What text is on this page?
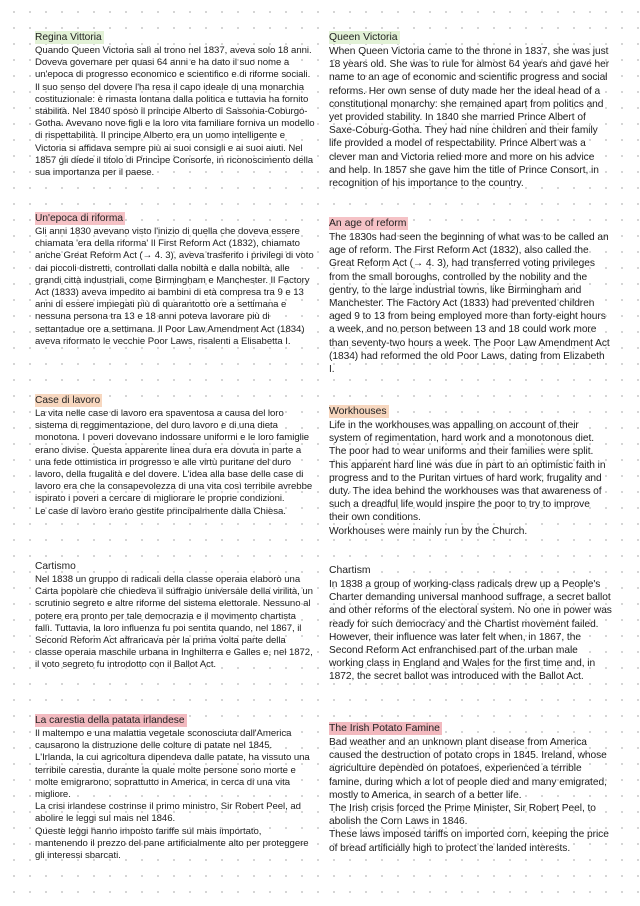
Regina Vittoria

Quando Queen Victoria salì al trono nel 1837, aveva solo 18 anni. Doveva governare per quasi 64 anni e ha dato il suo nome a un'epoca di progresso economico e scientifico e di riforme sociali. Il suo senso del dovere l'ha resa il capo ideale di una monarchia costituzionale: è rimasta lontana dalla politica e tuttavia ha fornito stabilità. Nel 1840 sposò il principe Alberto di Sassonia-Coburgo-Gotha. Avevano nove figli e la loro vita familiare forniva un modello di rispettabilità. Il principe Alberto era un uomo intelligente e Victoria si affidava sempre più ai suoi consigli e ai suoi aiuti. Nel 1857 gli diede il titolo di Principe Consorte, in riconoscimento della sua importanza per il paese.

Un'epoca di riforma

Gli anni 1830 avevano visto l'inizio di quella che doveva essere chiamata 'era della riforma' Il First Reform Act (1832), chiamato anche Great Reform Act (→ 4. 3), aveva trasferito i privilegi di voto dai piccoli distretti, controllati dalla nobiltà e dalla nobiltà, alle grandi città industriali, come Birmingham e Manchester. Il Factory Act (1833) aveva impedito ai bambini di età compresa tra 9 e 13 anni di essere impiegati più di quarantotto ore a settimana e nessuna persona tra 13 e 18 anni poteva lavorare più di settantadue ore a settimana. Il Poor Law Amendment Act (1834) aveva riformato le vecchie Poor Laws, risalenti a Elisabetta I.

Case di lavoro

La vita nelle case di lavoro era spaventosa a causa del loro sistema di reggimentazione, del duro lavoro e di una dieta monotona. I poveri dovevano indossare uniformi e le loro famiglie erano divise. Questa apparente linea dura era dovuta in parte a una fede ottimistica in progresso e alle virtù puritane del duro lavoro, della frugalità e del dovere. L'idea alla base delle case di lavoro era che la consapevolezza di una vita così terribile avrebbe ispirato i poveri a cercare di migliorare le proprie condizioni.

Le case di lavoro erano gestite principalmente dalla Chiesa.

Cartismo

Nel 1838 un gruppo di radicali della classe operaia elaborò una Carta popolare che chiedeva il suffragio universale della virilità, un scrutinio segreto e altre riforme del sistema elettorale. Nessuno al potere era pronto per tale democrazia e il movimento chartista fallì. Tuttavia, la loro influenza fu poi sentita quando, nel 1867, il Second Reform Act affrancava per la prima volta parte della classe operaia maschile urbana in Inghilterra e Galles e, nel 1872, il voto segreto fu introdotto con il Ballot Act.

La carestia della patata irlandese

Il maltempo e una malattia vegetale sconosciuta dall'America causarono la distruzione delle colture di patate nel 1845.

L'Irlanda, la cui agricoltura dipendeva dalle patate, ha vissuto una terribile carestia, durante la quale molte persone sono morte e molte emigrarono, soprattutto in America, in cerca di una vita migliore.

La crisi irlandese costrinse il primo ministro, Sir Robert Peel, ad abolire le leggi sul mais nel 1846.

Queste leggi hanno imposto tariffe sul mais importato, mantenendo il prezzo del pane artificialmente alto per proteggere gli interessi sbarcati.

Queen Victoria

When Queen Victoria came to the throne in 1837, she was just 18 years old. She was to rule for almost 64 years and gave her name to an age of economic and scientific progress and social reforms. Her own sense of duty made her the ideal head of a constitutional monarchy: she remained apart from politics and yet provided stability. In 1840 she married Prince Albert of Saxe-Coburg-Gotha. They had nine children and their family life provided a model of respectability. Prince Albert was a clever man and Victoria relied more and more on his advice and help. In 1857 she gave him the title of Prince Consort, in recognition of his importance to the country.

An age of reform

The 1830s had seen the beginning of what was to be called an age of reform. The First Reform Act (1832), also called the Great Reform Act (→ 4. 3), had transferred voting privileges from the small boroughs, controlled by the nobility and the gentry, to the large industrial towns, like Birmingham and Manchester. The Factory Act (1833) had prevented children aged 9 to 13 from being employed more than forty-eight hours a week, and no person between 13 and 18 could work more than seventy-two hours a week. The Poor Law Amendment Act (1834) had reformed the old Poor Laws, dating from Elizabeth I.

Workhouses

Life in the workhouses was appalling on account of their system of regimentation, hard work and a monotonous diet. The poor had to wear uniforms and their families were split. This apparent hard line was due in part to an optimistic faith in progress and to the Puritan virtues of hard work, frugality and duty. The idea behind the workhouses was that awareness of such a dreadful life would inspire the poor to try to improve their own conditions.

Workhouses were mainly run by the Church.

Chartism

In 1838 a group of working-class radicals drew up a People's Charter demanding universal manhood suffrage, a secret ballot and other reforms of the electoral system. No one in power was ready for such democracy and the Chartist movement failed. However, their influence was later felt when, in 1867, the Second Reform Act enfranchised part of the urban male working class in England and Wales for the first time and, in 1872, the secret ballot was introduced with the Ballot Act.

The Irish Potato Famine

Bad weather and an unknown plant disease from America caused the destruction of potato crops in 1845. Ireland, whose agriculture depended on potatoes, experienced a terrible famine, during which a lot of people died and many emigrated, mostly to America, in search of a better life.

The Irish crisis forced the Prime Minister, Sir Robert Peel, to abolish the Corn Laws in 1846.

These laws imposed tariffs on imported corn, keeping the price of bread artificially high to protect the landed interests.
